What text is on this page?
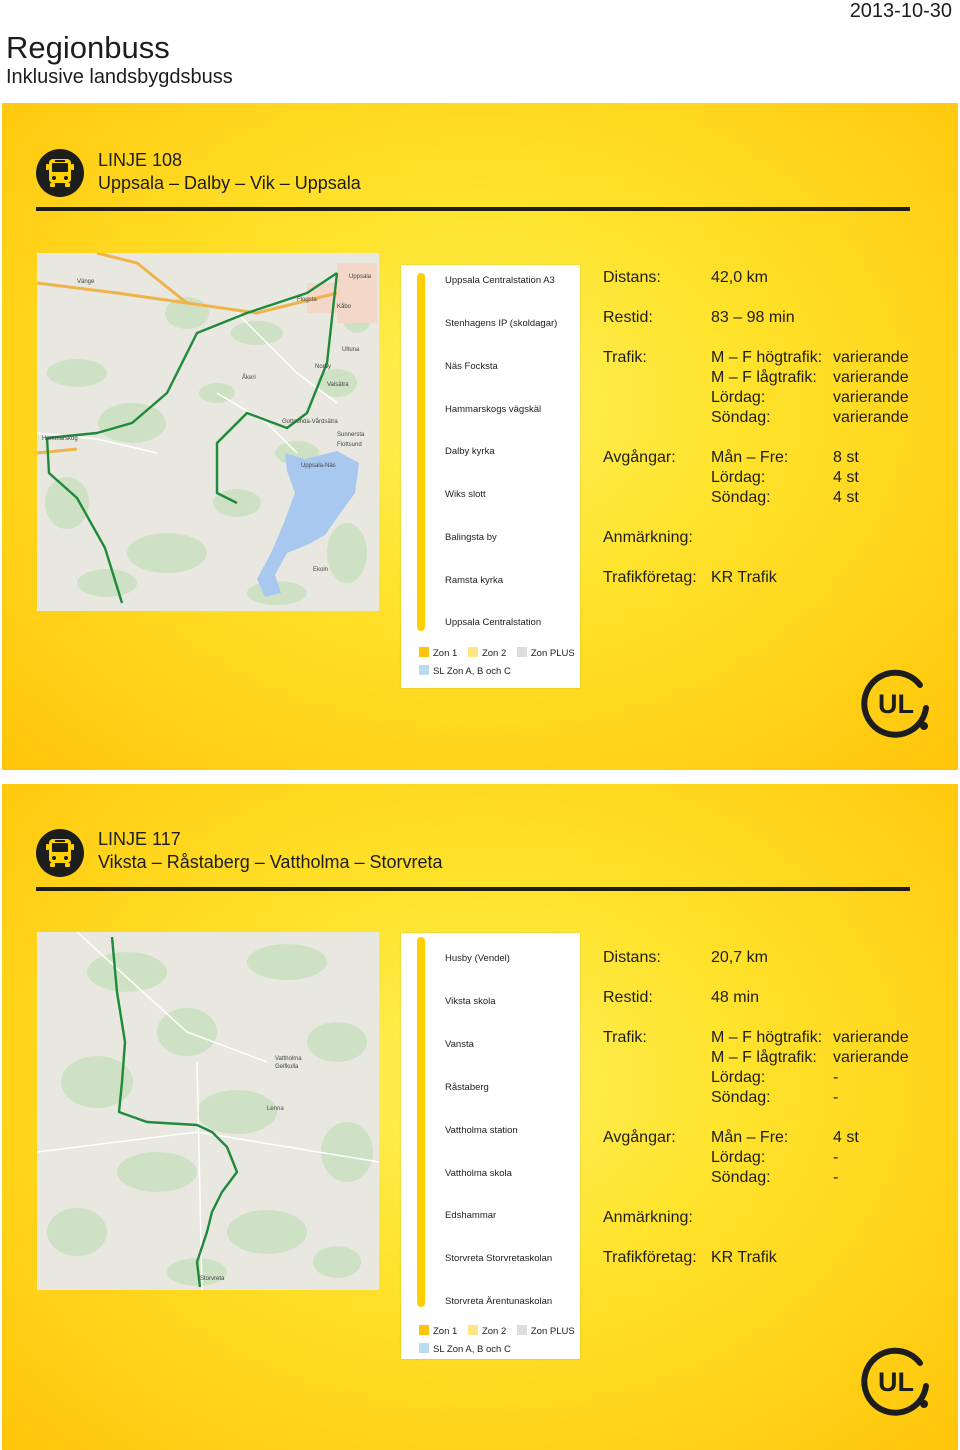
Regionbuss
Inklusive landsbygdsbuss
2013-10-30
LINJE 108
Uppsala – Dalby – Vik – Uppsala
Uppsala
Vänge
Flogsta
Kåbo
Norby
Åkeri
Valsätra
Ultuna
Gottsunda-Vårdsätra
Sunnersta
Flottsund
Uppsala-Näs
Hammarskog
Ekoln
Uppsala Centralstation A3
Stenhagens IP (skoldagar)
Näs Focksta
Hammarskogs vägskäl
Dalby kyrka
Wiks slott
Balingsta by
Ramsta kyrka
Uppsala Centralstation
Zon 1	Zon 2	Zon PLUS
SL Zon A, B och C
Distans:	42,0 km
Restid:	83 – 98 min
Trafik:	M – F högtrafik: varierande
M – F lågtrafik: varierande
Lördag:	varierande
Söndag:	varierande
Avgångar: Mån – Fre:	8 st
Lördag:	4 st
Söndag:	4 st
Anmärkning:
Trafikföretag: KR Trafik
UL
LINJE 117
Viksta – Råstaberg – Vattholma – Storvreta
Vattholma
Gelfkulla
Lenna
Storvreta
Husby (Vendel)
Viksta skola
Vansta
Råstaberg
Vattholma station
Vattholma skola
Edshammar
Storvreta Storvretaskolan
Storvreta Ärentunaskolan
Zon 1	Zon 2	Zon PLUS
SL Zon A, B och C
Distans:	20,7 km
Restid:	48 min
Trafik:	M – F högtrafik: varierande
M – F lågtrafik: varierande
Lördag:	-
Söndag:	-
Avgångar: Mån – Fre:	4 st
Lördag:	-
Söndag:	-
Anmärkning:
Trafikföretag: KR Trafik
UL
